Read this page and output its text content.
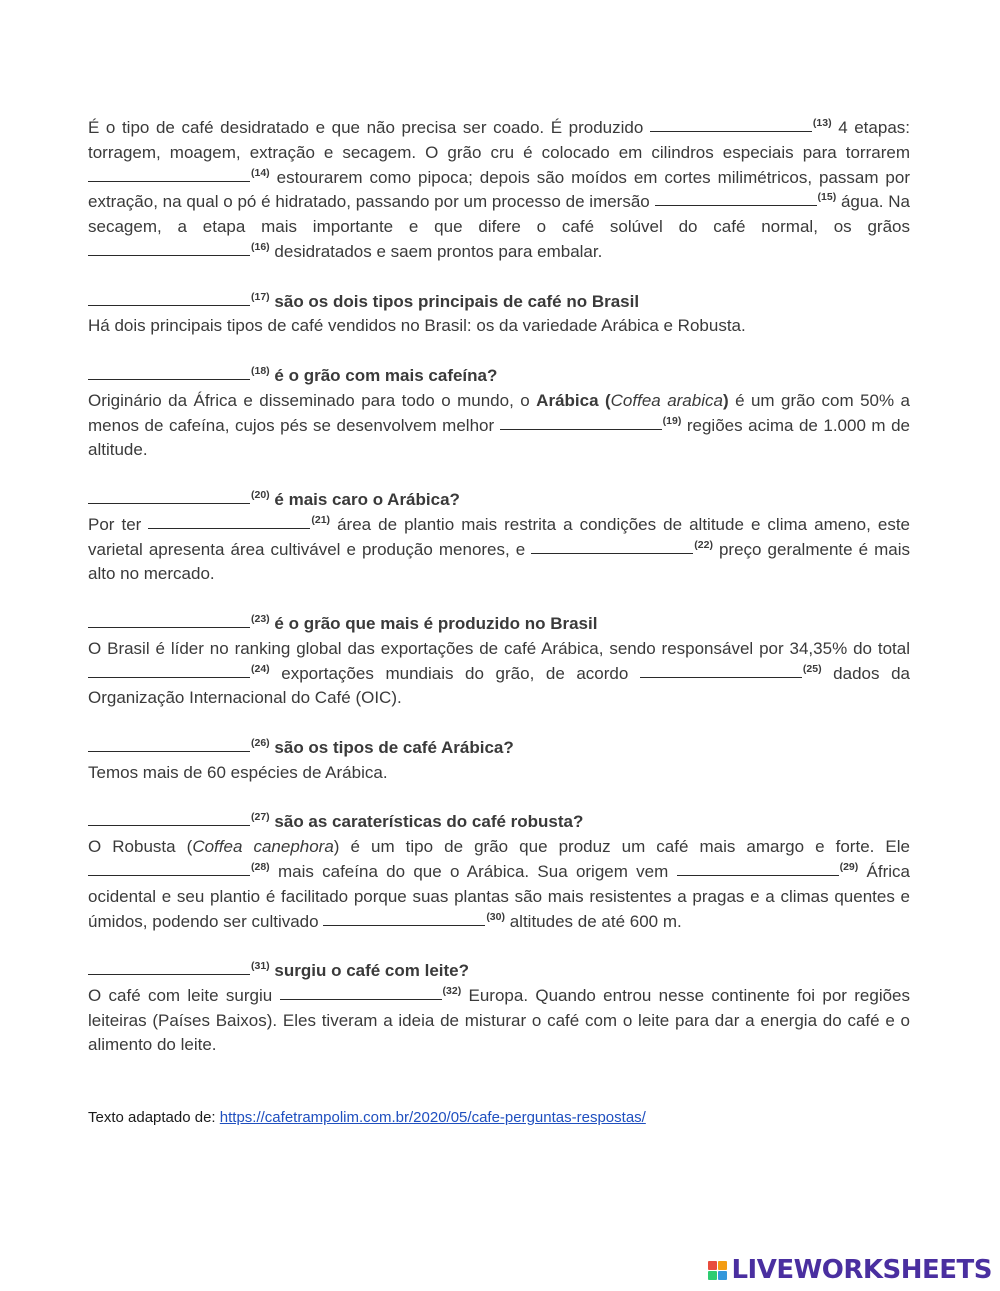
É o tipo de café desidratado e que não precisa ser coado. É produzido	$^{(13)}$ 4 etapas: torragem, moagem, extração e secagem. O grão cru é colocado em cilindros especiais para torrarem $^{(14)}$ estourarem como pipoca; depois são moídos em cortes milimétricos, passam por extração, na qual o pó é hidratado, passando por um processo de imersão	$^{(15)}$ água. Na secagem, a etapa mais importante e que difere o café solúvel do café normal, os grãos $^{(16)}$ desidratados e saem prontos para embalar.

$^{(17)}$ são os dois tipos principais de café no Brasil

Há dois principais tipos de café vendidos no Brasil: os da variedade Arábica e Robusta.

$^{(18)}$ é o grão com mais cafeína?

Originário da África e disseminado para todo o mundo, o Arábica (Coffea arabica) é um grão com 50% a menos de cafeína, cujos pés se desenvolvem melhor	$^{(19)}$ regiões acima de 1.000 m de altitude.

$^{(20)}$ é mais caro o Arábica?

Por ter	$^{(21)}$ área de plantio mais restrita a condições de altitude e clima ameno, este varietal apresenta área cultivável e produção menores, e	$^{(22)}$ preço geralmente é mais alto no mercado.

$^{(23)}$ é o grão que mais é produzido no Brasil

O Brasil é líder no ranking global das exportações de café Arábica, sendo responsável por 34,35% do total $^{(24)}$ exportações mundiais do grão, de acordo	$^{(25)}$ dados da Organização Internacional do Café (OIC).

$^{(26)}$ são os tipos de café Arábica?

Temos mais de 60 espécies de Arábica.

$^{(27)}$ são as caraterísticas do café robusta?

O Robusta (Coffea canephora) é um tipo de grão que produz um café mais amargo e forte. Ele $^{(28)}$ mais cafeína do que o Arábica. Sua origem vem	$^{(29)}$ África ocidental e seu plantio é facilitado porque suas plantas são mais resistentes a pragas e a climas quentes e úmidos, podendo ser cultivado	$^{(30)}$ altitudes de até 600 m.

$^{(31)}$ surgiu o café com leite?

O café com leite surgiu	$^{(32)}$ Europa. Quando entrou nesse continente foi por regiões leiteiras (Países Baixos). Eles tiveram a ideia de misturar o café com o leite para dar a energia do café e o alimento do leite.

Texto adaptado de: https://cafetrampolim.com.br/2020/05/cafe-perguntas-respostas/
LIVEWORKSHEETS
